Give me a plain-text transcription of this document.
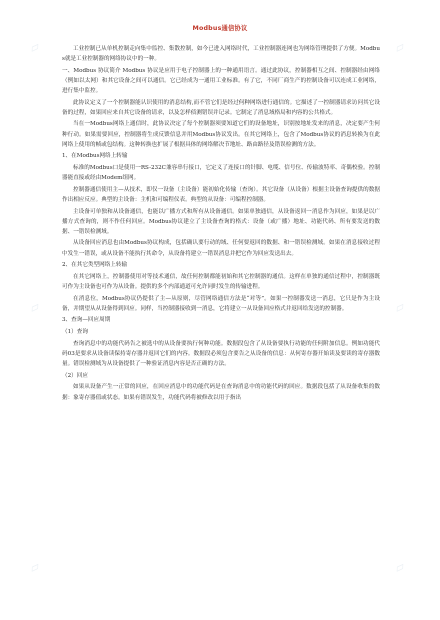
Modbus通信协议

工业控制已从单机控制走向集中监控、集散控制，如今已进入网络时代，工业控制器连网也为网络管理提供了方便。Modbus就是工业控制器的网络协议中的一种。

一、Modbus 协议简介 Modbus 协议是应用于电子控制器上的一种通用语言。通过此协议，控制器相互之间、控制器经由网络（例如以太网）和其它设备之间可以通信。它已经成为一通用工业标准。有了它，不同厂商生产的控制设备可以连成工业网络，进行集中监控。

此协议定义了一个控制器能认识使用的消息结构,而不管它们是经过何种网络进行通信的。它描述了一控制器请求访问其它设备的过程，如果回应来自其它设备的请求，以及怎样侦测错误并记录。它制定了消息域格局和内容的公共格式。

当在一Modbus网络上通信时，此协议决定了每个控制器须要知道它们的设备地址，识别按地址发来的消息，决定要产生何种行动。如果需要回应，控制器将生成反馈信息并用Modbus协议发出。在其它网络上，包含了Modbus协议的消息转换为在此网络上使用的帧或包结构。这种转换也扩展了根据具体的网络解决节地址、路由路径及错误检测的方法。

1、在Modbus网络上转输

标准的Modbus口是使用一RS-232C兼容串行接口，它定义了连接口的针脚、电缆、信号位、传输波特率、奇偶校验。控制器能直接或经由Modem组网。

控制器通信使用主—从技术，即仅一设备（主设备）能初始化传输（查询）。其它设备（从设备）根据主设备查询提供的数据作出相应反应。典型的主设备：主机和可编程仪表。典型的从设备：可编程控制器。

主设备可单独和从设备通信，也能以广播方式和所有从设备通信。如果单独通信，从设备返回一消息作为回应，如果是以广播方式查询的，则不作任何回应。Modbus协议建立了主设备查询的格式：设备（或广播）地址、功能代码、所有要发送的数据、一错误检测域。

从设备回应消息也由Modbus协议构成，包括确认要行动的域、任何要返回的数据、和一错误检测域。如果在消息接收过程中发生一错误，或从设备不能执行其命令，从设备将建立一错误消息并把它作为回应发送出去。

2、在其它类型网络上转输

在其它网络上，控制器使用对等技术通信，故任何控制都能初始和其它控制器的通信。这样在单独的通信过程中，控制器既可作为主设备也可作为从设备。提供的多个内部通道可允许同时发生的传输进程。

在消息位，Modbus协议仍提供了主—从原则，尽管网络通信方法是“对等”。如果一控制器发送一消息，它只是作为主设备，并期望从从设备得到回应。同样，当控制器接收到一消息，它将建立一从设备回应格式并返回给发送的控制器。

3、查询—回应周期

（1）查询

查询消息中的功能代码告之被选中的从设备要执行何种功能。数据段包含了从设备要执行功能的任何附加信息。例如功能代码03是要求从设备读保持寄存器并返回它们的内容。数据段必须包含要告之从设备的信息：从何寄存器开始读及要读的寄存器数量。错误检测域为从设备提供了一种验证消息内容是否正确的方法。

（2）回应

如果从设备产生一正常的回应，在回应消息中的功能代码是在查询消息中的功能代码的回应。数据段包括了从设备收集的数据：象寄存器值或状态。如果有错误发生，功能代码将被修改以用于指出

▱	▱
▱	▱
▱	▱
